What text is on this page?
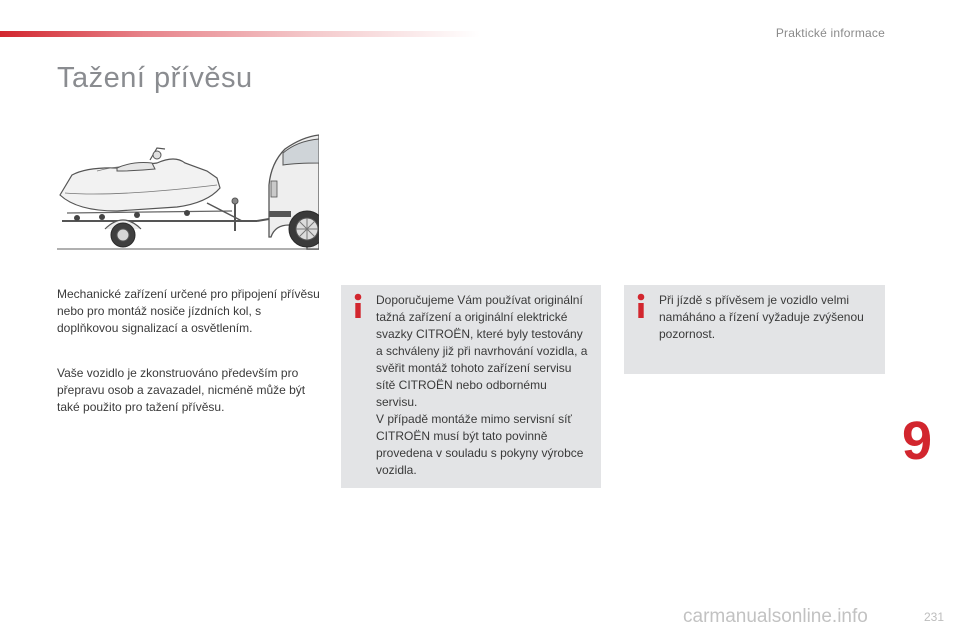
Praktické informace
Tažení přívěsu
Mechanické zařízení určené pro připojení přívěsu nebo pro montáž nosiče jízdních kol, s doplňkovou signalizací a osvětlením.
Vaše vozidlo je zkonstruováno především pro přepravu osob a zavazadel, nicméně může být také použito pro tažení přívěsu.
Doporučujeme Vám používat originální tažná zařízení a originální elektrické svazky CITROËN, které byly testovány a schváleny již při navrhování vozidla, a svěřit montáž tohoto zařízení servisu sítě CITROËN nebo odbornému servisu.
V případě montáže mimo servisní síť CITROËN musí být tato povinně provedena v souladu s pokyny výrobce vozidla.
Při jízdě s přívěsem je vozidlo velmi namáháno a řízení vyžaduje zvýšenou pozornost.
9
231
carmanualsonline.info
